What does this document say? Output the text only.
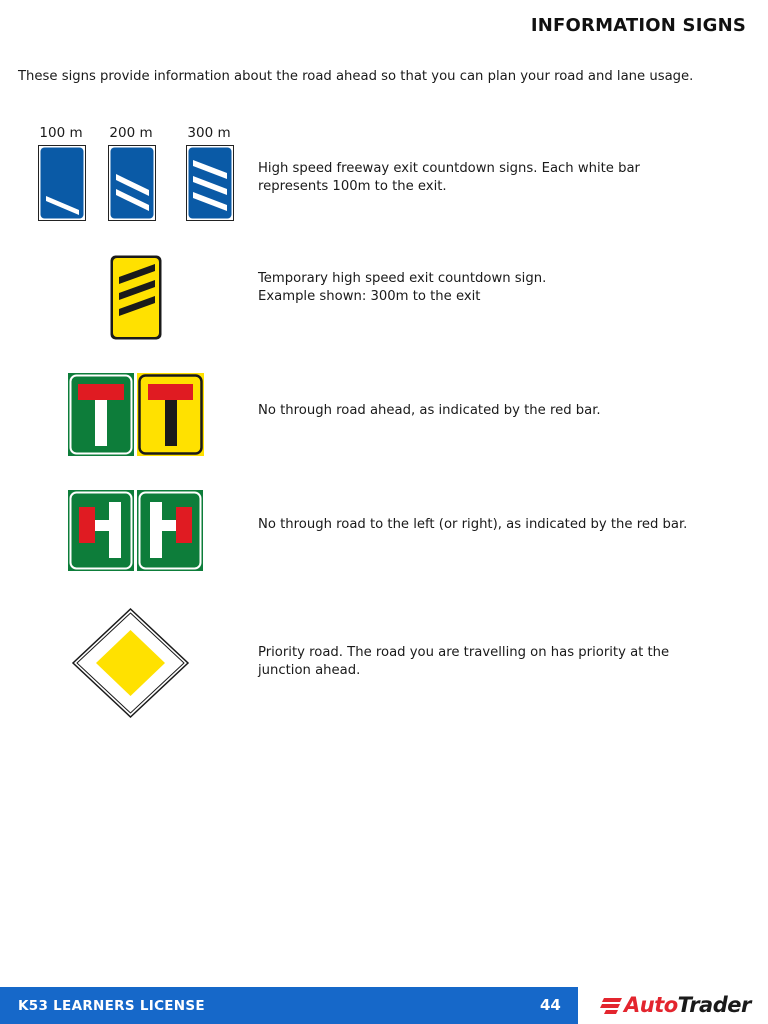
INFORMATION SIGNS

These signs provide information about the road ahead so that you can plan your road and lane usage.

100 m	200 m	300 m
High speed freeway exit countdown signs. Each white bar
represents 100m to the exit.
Temporary high speed exit countdown sign.
Example shown: 300m to the exit
No through road ahead, as indicated by the red bar.
No through road to the left (or right), as indicated by the red bar.
Priority road. The road you are travelling on has priority at the
junction ahead.
K53 LEARNERS LICENSE	44	AutoTrader
